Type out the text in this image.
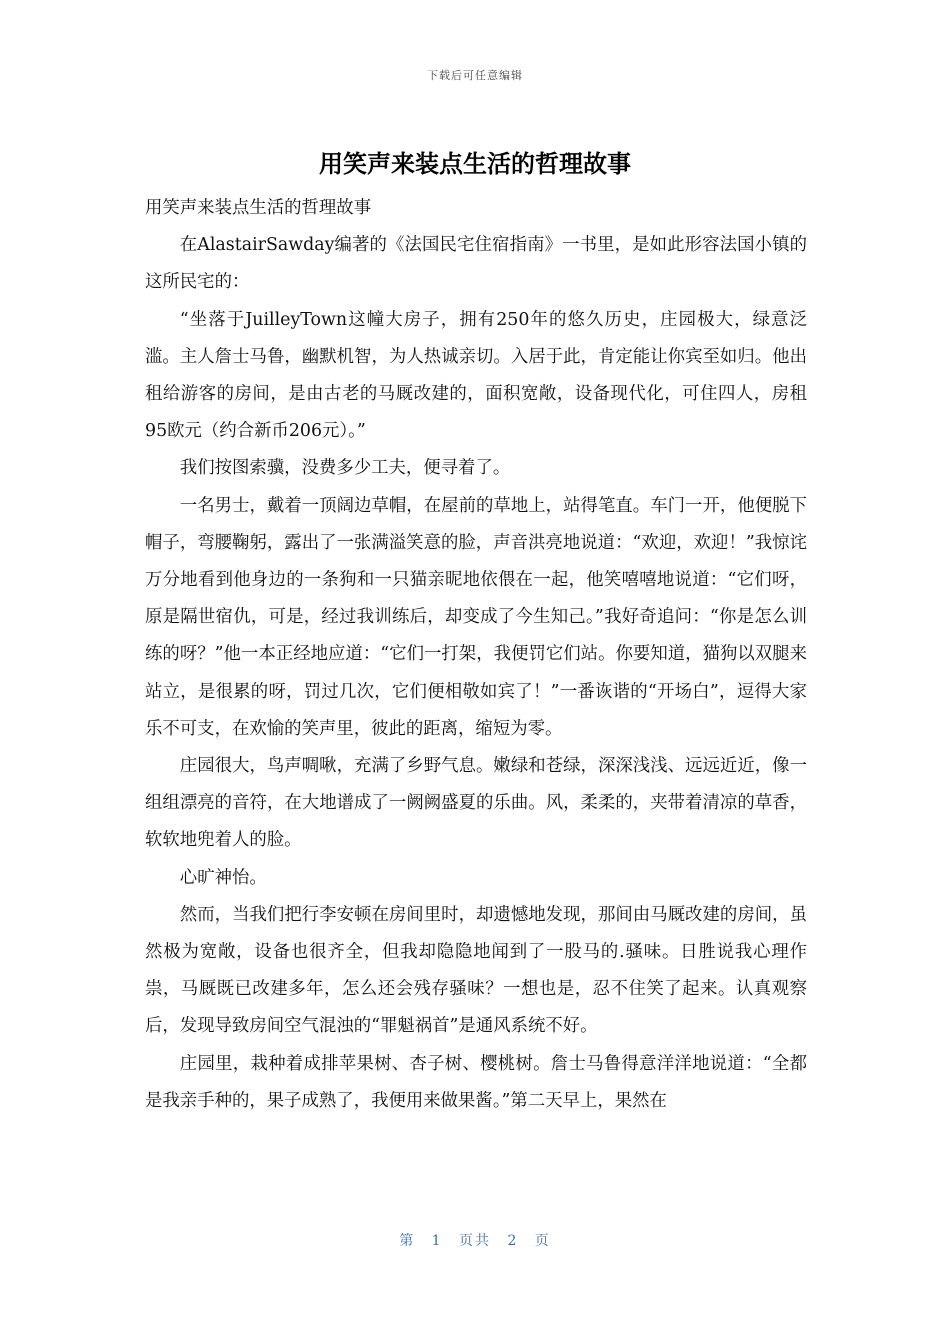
下载后可任意编辑
用笑声来装点生活的哲理故事

用笑声来装点生活的哲理故事

在AlastairSawday编著的《法国民宅住宿指南》一书里，是如此形容法国小镇的这所民宅的：

“坐落于JuilleyTown这幢大房子，拥有250年的悠久历史，庄园极大，绿意泛滥。主人詹士马鲁，幽默机智，为人热诚亲切。入居于此，肯定能让你宾至如归。他出租给游客的房间，是由古老的马厩改建的，面积宽敞，设备现代化，可住四人，房租95欧元（约合新币206元）。”

我们按图索骥，没费多少工夫，便寻着了。

一名男士，戴着一顶阔边草帽，在屋前的草地上，站得笔直。车门一开，他便脱下帽子，弯腰鞠躬，露出了一张满溢笑意的脸，声音洪亮地说道：“欢迎，欢迎！”我惊诧万分地看到他身边的一条狗和一只猫亲昵地依偎在一起，他笑嘻嘻地说道：“它们呀，原是隔世宿仇，可是，经过我训练后，却变成了今生知己。”我好奇追问：“你是怎么训练的呀？”他一本正经地应道：“它们一打架，我便罚它们站。你要知道，猫狗以双腿来站立，是很累的呀，罚过几次，它们便相敬如宾了！”一番诙谐的“开场白”，逗得大家乐不可支，在欢愉的笑声里，彼此的距离，缩短为零。

庄园很大，鸟声啁啾，充满了乡野气息。嫩绿和苍绿，深深浅浅、远远近近，像一组组漂亮的音符，在大地谱成了一阙阙盛夏的乐曲。风，柔柔的，夹带着清凉的草香，软软地兜着人的脸。

心旷神怡。

然而，当我们把行李安顿在房间里时，却遗憾地发现，那间由马厩改建的房间，虽然极为宽敞，设备也很齐全，但我却隐隐地闻到了一股马的.骚味。日胜说我心理作祟，马厩既已改建多年，怎么还会残存骚味？一想也是，忍不住笑了起来。认真观察后，发现导致房间空气混浊的“罪魁祸首”是通风系统不好。

庄园里，栽种着成排苹果树、杏子树、樱桃树。詹士马鲁得意洋洋地说道：“全都是我亲手种的，果子成熟了，我便用来做果酱。”第二天早上，果然在

第 1 页共 2 页
